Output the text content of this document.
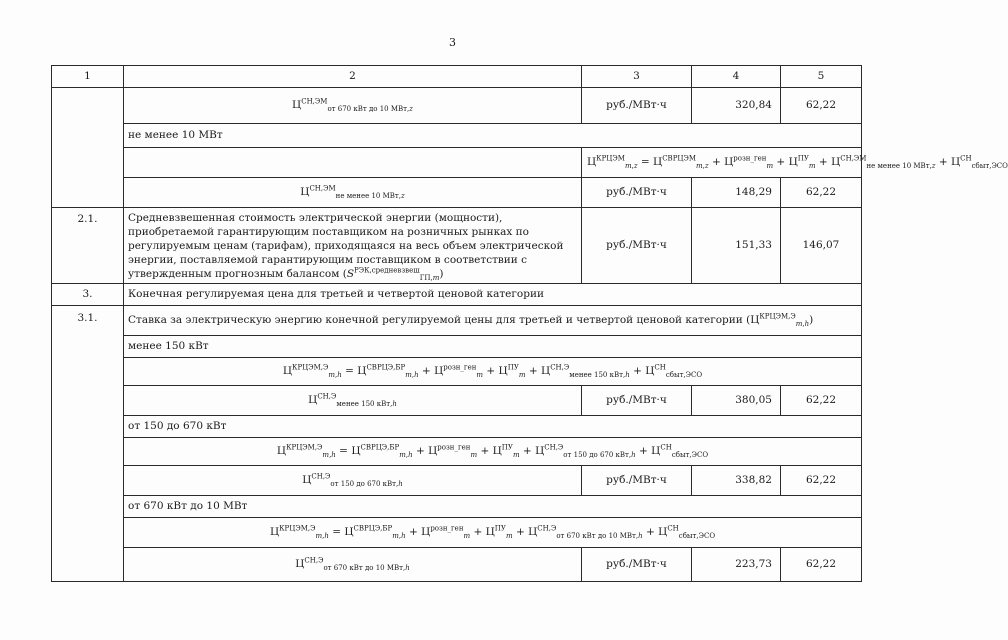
3
1	2	3	4	5
	$Ц^{СН,ЭМ}_{от 670 кВт до 10 МВт,z}$	руб./МВт·ч	320,84	62,22
	не менее 10 МВт			
		$Ц^{КРЦЭМ}_{m,z} = Ц^{СВРЦЭМ}_{m,z} + Ц^{розн\_ген}_m + Ц^{ПУ}_m + Ц^{СН,ЭМ}_{не менее 10 МВт,z} + Ц^{СН}_{сбыт,ЭСО}$
	$Ц^{СН,ЭМ}_{не менее 10 МВт,z}$	руб./МВт·ч	148,29	62,22
2.1.	Средневзвешенная стоимость электрической энергии (мощности), приобретаемой гарантирующим поставщиком на розничных рынках по регулируемым ценам (тарифам), приходящаяся на весь объем электрической энергии, поставляемой гарантирующим поставщиком в соответствии с утвержденным прогнозным балансом $(S^{РЭК,средневзвеш}_{ГП,m})$	руб./МВт·ч	151,33	146,07
3.	Конечная регулируемая цена для третьей и четвертой ценовой категории			
3.1.	Ставка за электрическую энергию конечной регулируемой цены для третьей и четвертой ценовой категории $(Ц^{КРЦЭМ,Э}_{m,h})$			
	менее 150 кВт			
	$Ц^{КРЦЭМ,Э}_{m,h} = Ц^{СВРЦЭ,БР}_{m,h} + Ц^{розн\_ген}_m + Ц^{ПУ}_m + Ц^{СН,Э}_{менее 150 кВт,h} + Ц^{СН}_{сбыт,ЭСО}$
	$Ц^{СН,Э}_{менее 150 кВт,h}$	руб./МВт·ч	380,05	62,22
	от 150 до 670 кВт			
	$Ц^{КРЦЭМ,Э}_{m,h} = Ц^{СВРЦЭ,БР}_{m,h} + Ц^{розн\_ген}_m + Ц^{ПУ}_m + Ц^{СН,Э}_{от 150 до 670 кВт,h} + Ц^{СН}_{сбыт,ЭСО}$
	$Ц^{СН,Э}_{от 150 до 670 кВт,h}$	руб./МВт·ч	338,82	62,22
	от 670 кВт до 10 МВт			
	$Ц^{КРЦЭМ,Э}_{m,h} = Ц^{СВРЦЭ,БР}_{m,h} + Ц^{розн\_ген}_m + Ц^{ПУ}_m + Ц^{СН,Э}_{от 670 кВт до 10 МВт,h} + Ц^{СН}_{сбыт,ЭСО}$
	$Ц^{СН,Э}_{от 670 кВт до 10 МВт,h}$	руб./МВт·ч	223,73	62,22
